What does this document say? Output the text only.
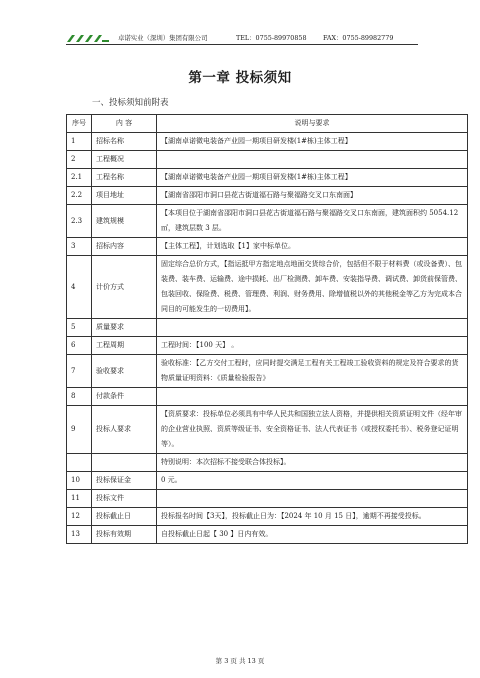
卓诺实业（深圳）集团有限公司	TEL：0755-89970858	FAX：0755-89982779
第一章 投标须知
一、投标须知前附表
序号	内 容	说明与要求
1	招标名称	【湖南卓诺微电装备产业园一期项目研发楼(1#栋)主体工程】
2	工程概况	
2.1	工程名称	【湖南卓诺微电装备产业园一期项目研发楼(1#栋)主体工程】
2.2	项目地址	【湖南省邵阳市洞口县花古街道福石路与聚福路交叉口东南面】
2.3	建筑规模	【本项目位于湖南省邵阳市洞口县花古街道福石路与聚福路交叉口东南面，建筑面积约 5054.12 ㎡，建筑层数 3 层。
3	招标内容	【主体工程】，计划选取【1】家中标单位。
4	计价方式	固定综合总价方式，【指运抵甲方指定地点地面交货综合价，包括但不限于材料费（或设备费）、包装费、装车费、运输费、途中损耗、出厂检测费、卸车费、安装指导费、调试费、卸货前保管费、包装回收、保险费、税费、管理费、利润、财务费用、除增值税以外的其他税金等乙方为完成本合同目的可能发生的一切费用】。
5	质量要求	
6	工程周期	工程时间：【100 天】 。
7	验收要求	验收标准：【乙方交付工程时，应同时提交满足工程有关工程竣工验收资料的规定及符合要求的货物质量证明资料：《质量检验报告》
8	付款条件	
9	投标人要求	【资质要求：投标单位必须具有中华人民共和国独立法人资格，并提供相关资质证明文件（经年审的企业营业执照、资质等级证书、安全资格证书、法人代表证书（或授权委托书）、税务登记证明等）。
		特别说明：本次招标不接受联合体投标】。
10	投标保证金	0 元。
11	投标文件	
12	投标截止日	投标报名时间【3天】，投标截止日为：【2024 年 10 月 15 日】，逾期不再接受投标。
13	投标有效期	自投标截止日起【 30 】日内有效。
第 3 页 共 13 页
